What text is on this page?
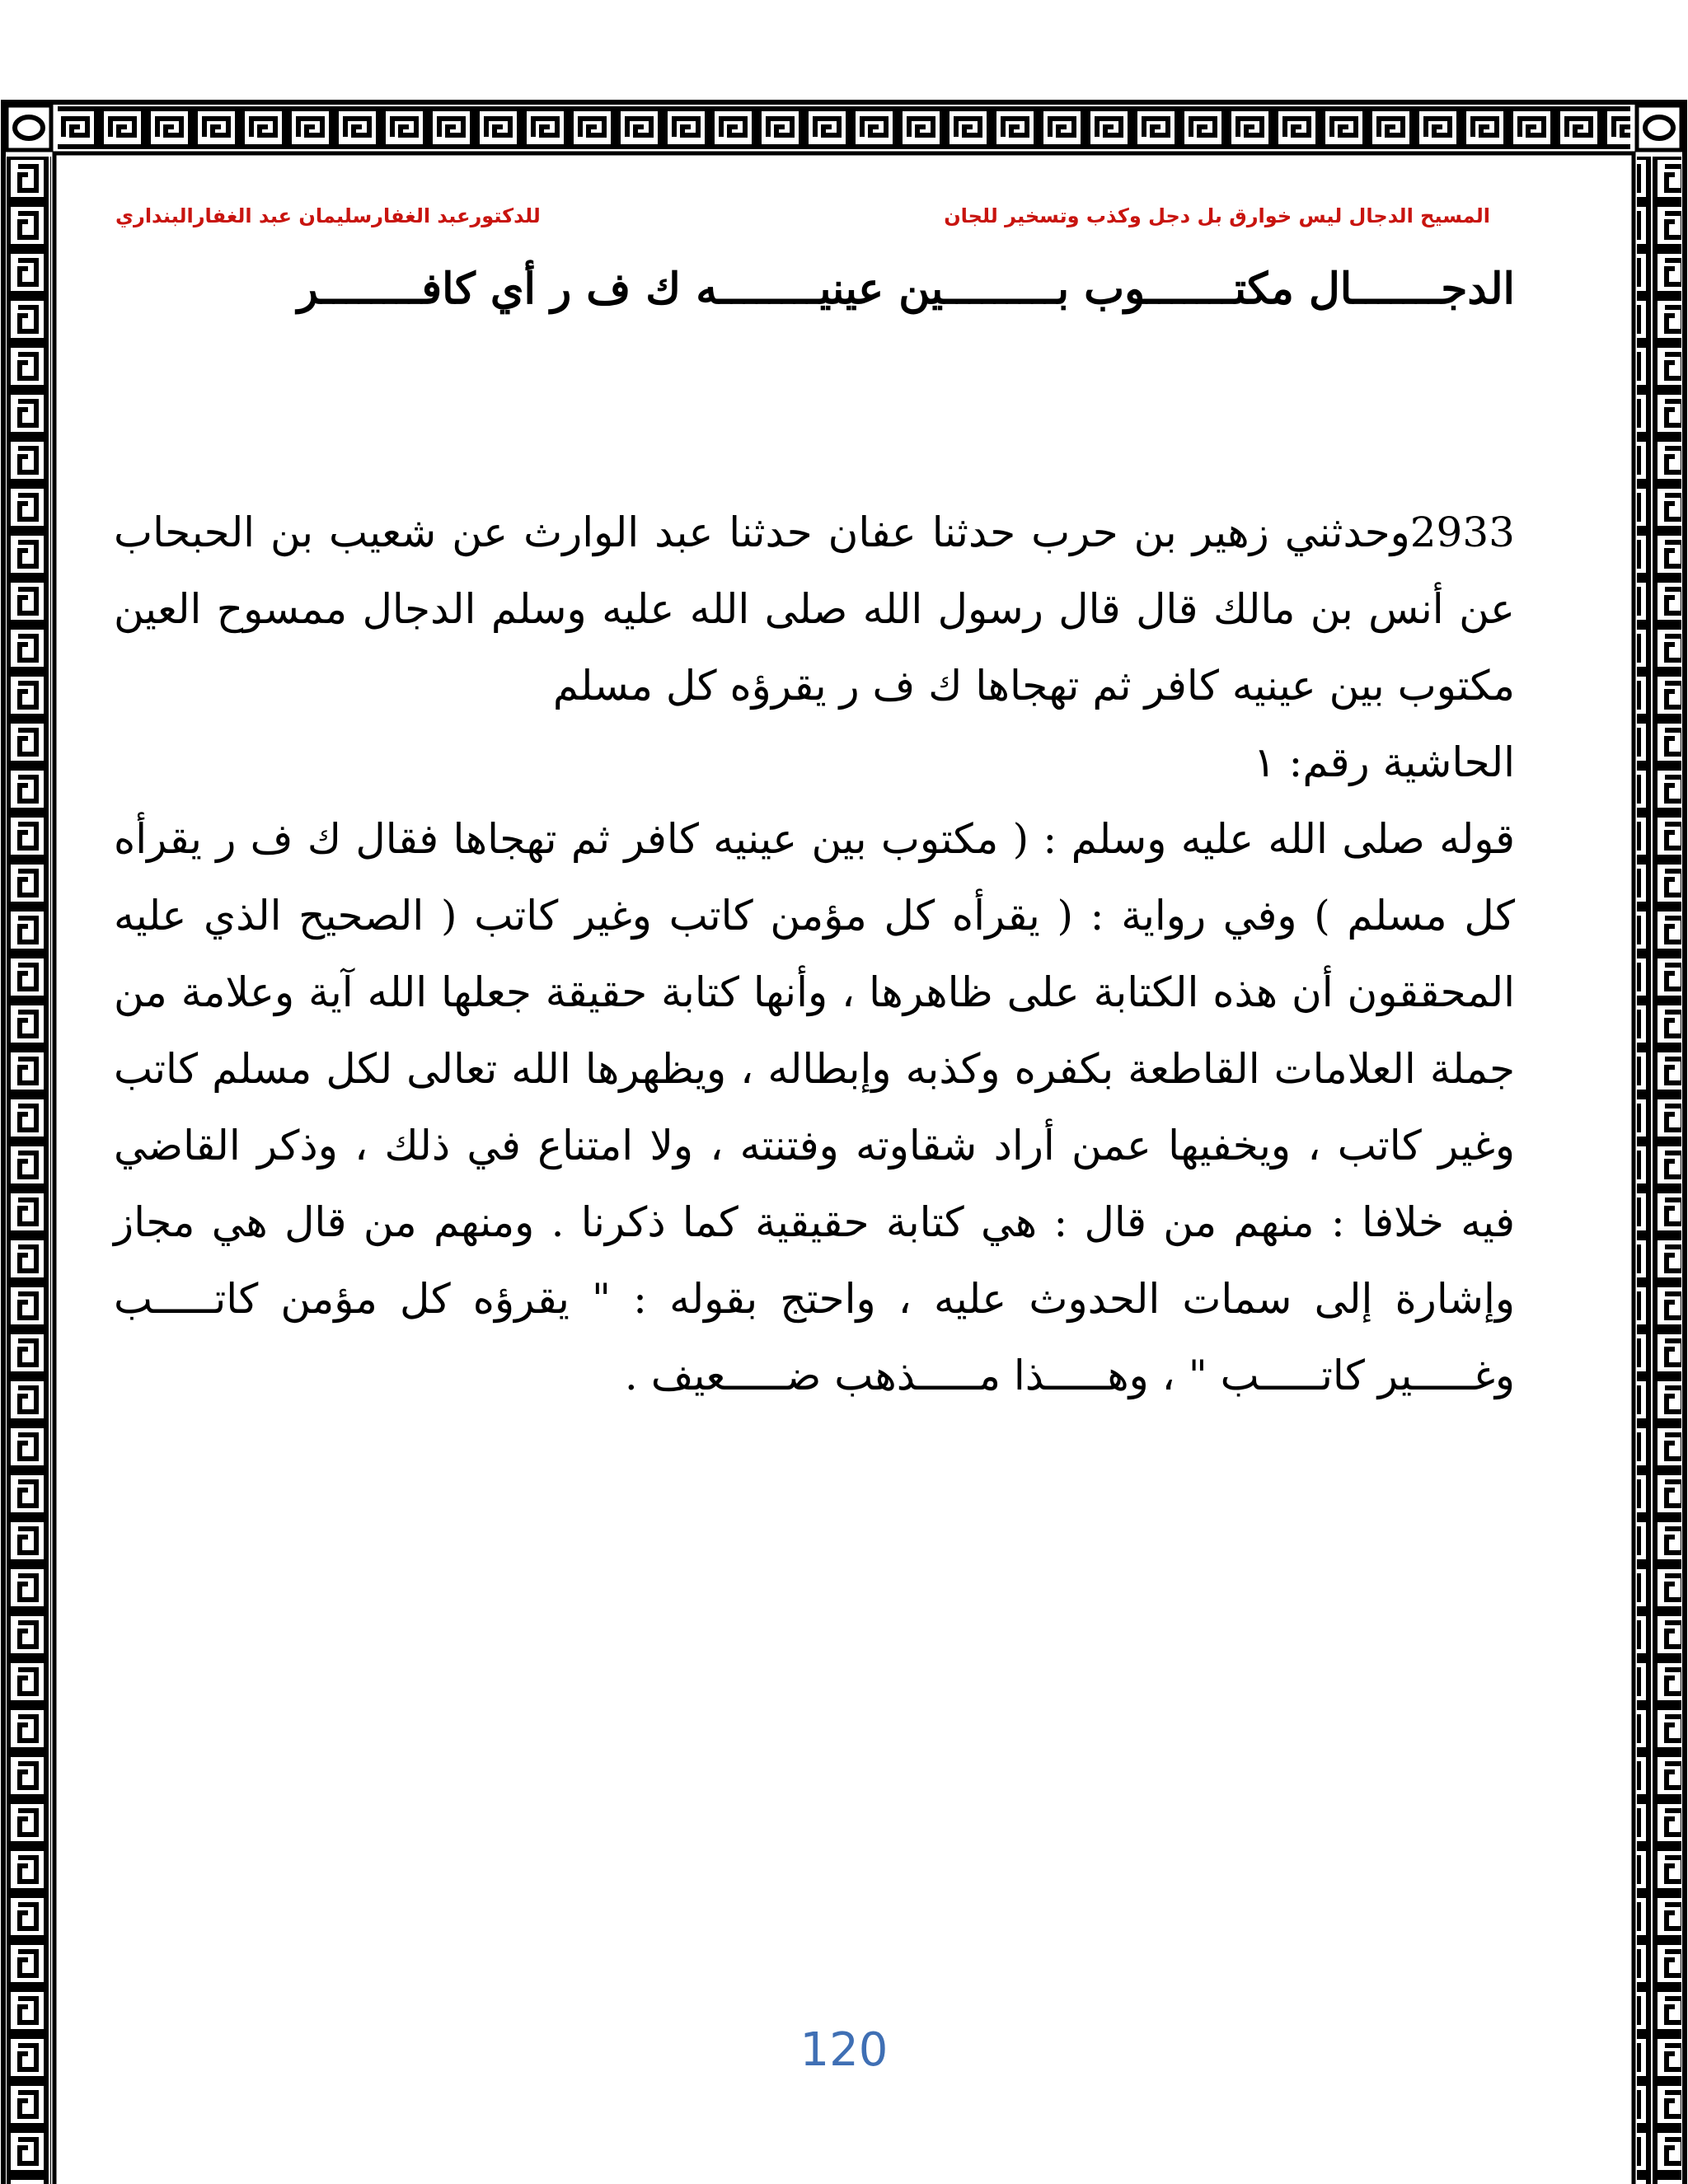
للدكتورعبد الغفارسليمان عبد الغفارالبنداري	المسيح الدجال ليس خوارق بل دجل وكذب وتسخير للجان
الدجـــــــال مكتـــــــوب بـــــــــين عينيــــــــه ك ف ر أي كافــــــــر

2933وحدثني زهير بن حرب حدثنا عفان حدثنا عبد الوارث عن شعيب بن الحبحاب عن أنس بن مالك قال قال رسول الله صلى الله عليه وسلم الدجال ممسوح العين مكتوب بين عينيه كافر ثم تهجاها ك ف ر يقرؤه كل مسلم

الحاشية رقم: ١

قوله صلى الله عليه وسلم : ( مكتوب بين عينيه كافر ثم تهجاها فقال ك ف ر يقرأه كل مسلم ) وفي رواية : ( يقرأه كل مؤمن كاتب وغير كاتب ( الصحيح الذي عليه المحققون أن هذه الكتابة على ظاهرها ، وأنها كتابة حقيقة جعلها الله آية وعلامة من جملة العلامات القاطعة بكفره وكذبه وإبطاله ، ويظهرها الله تعالى لكل مسلم كاتب وغير كاتب ، ويخفيها عمن أراد شقاوته وفتنته ، ولا امتناع في ذلك ، وذكر القاضي فيه خلافا : منهم من قال : هي كتابة حقيقية كما ذكرنا . ومنهم من قال هي مجاز وإشارة إلى سمات الحدوث عليه ، واحتج بقوله : " يقرؤه كل مؤمن كاتـــــب وغـــــير كاتـــــب " ، وهـــــذا مـــــذهب ضـــــعيف .

120
